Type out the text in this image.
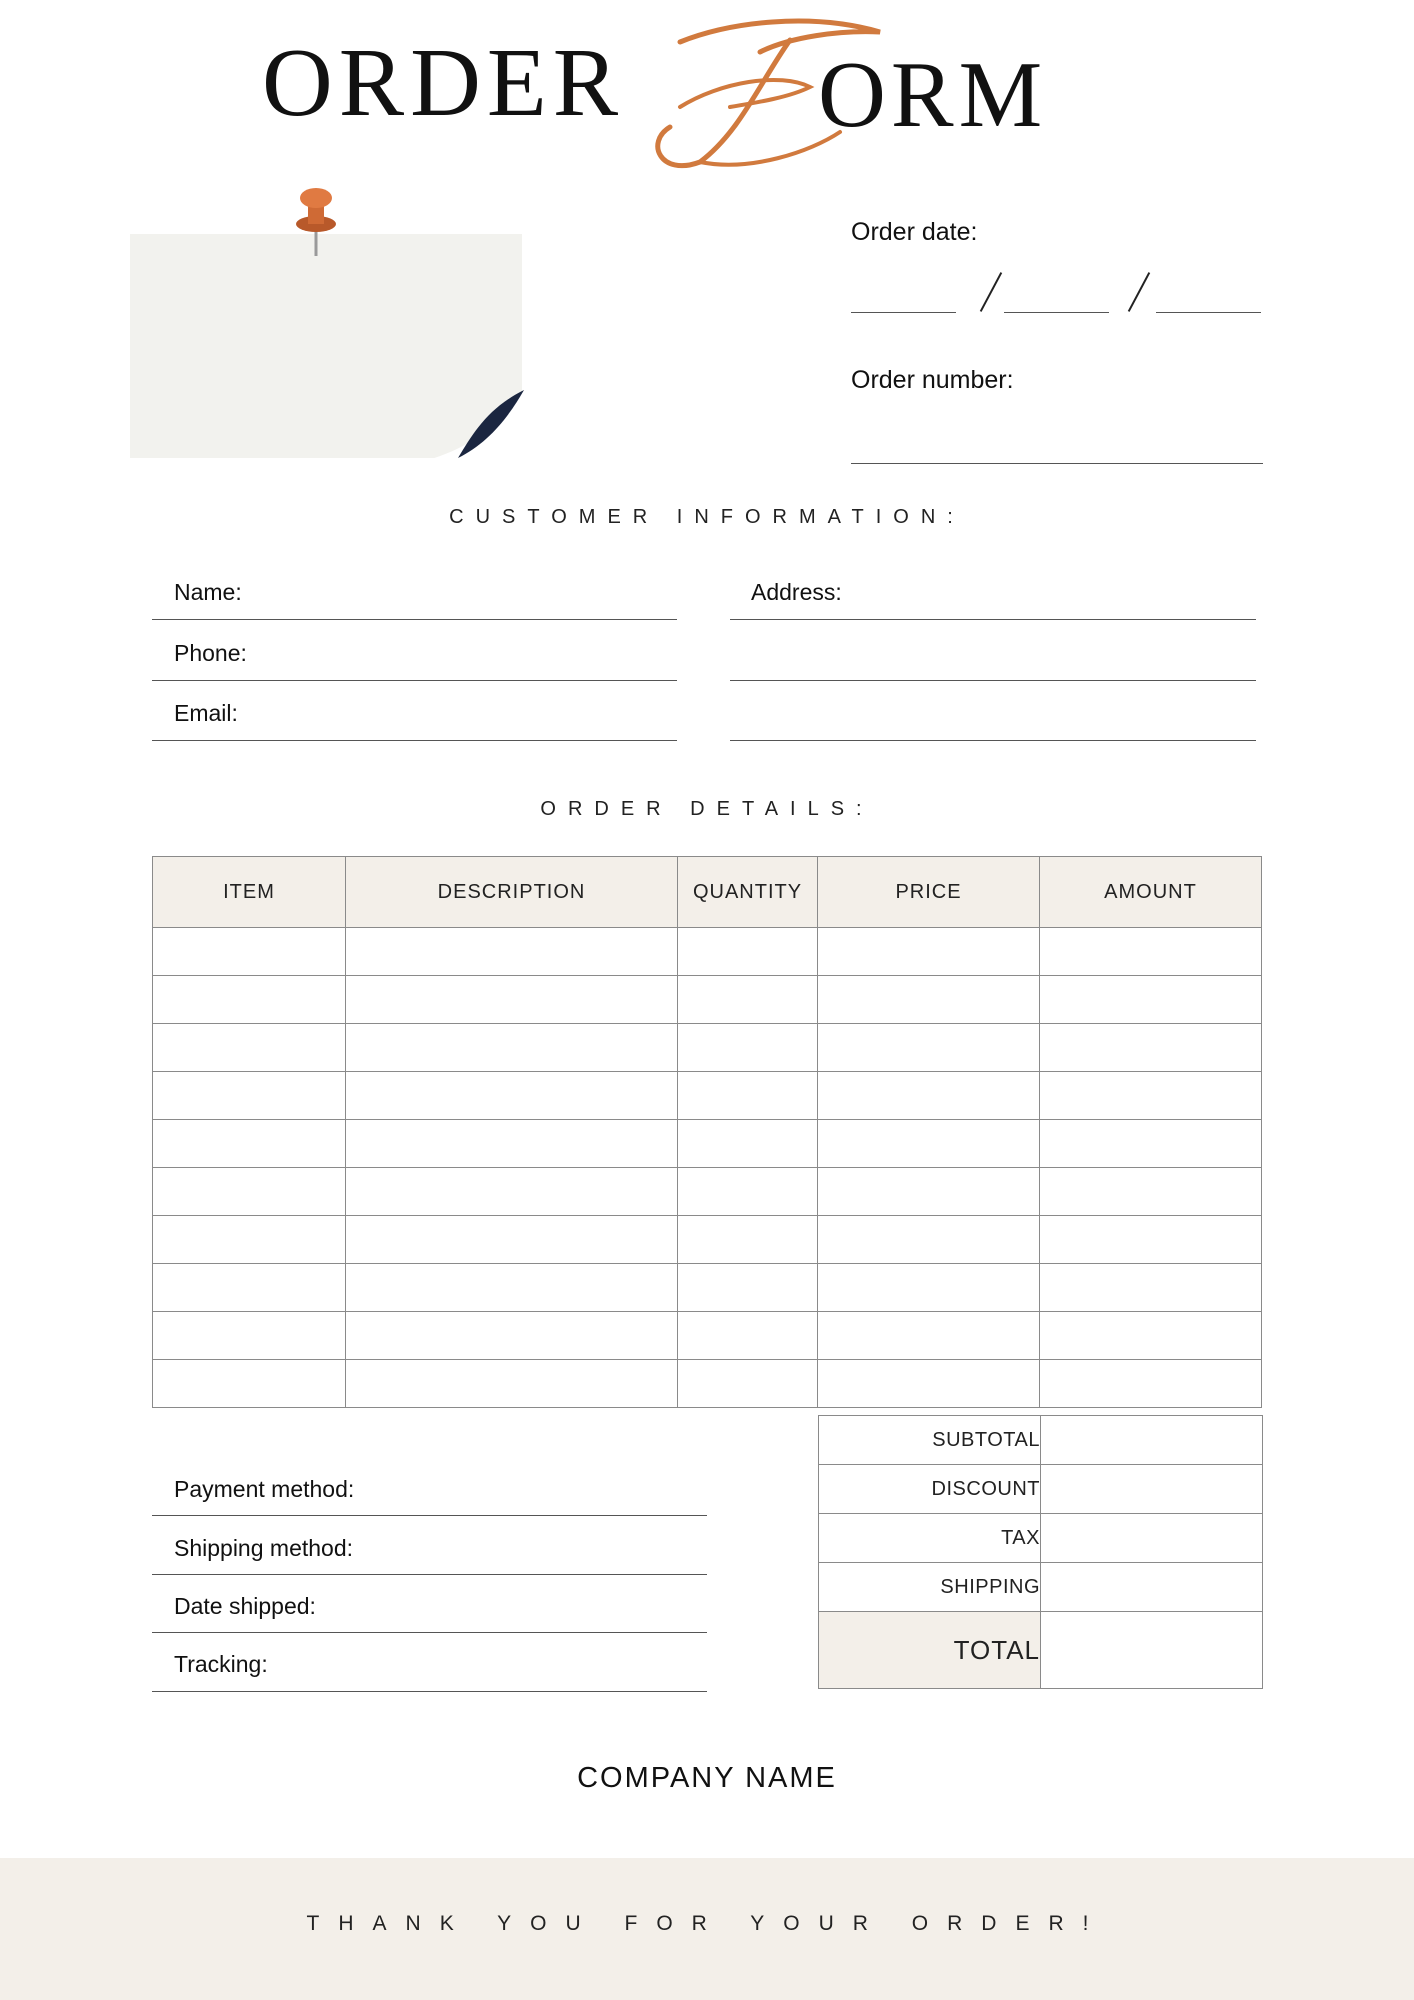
ORDER ORM
Order date:
Order number:
CUSTOMER INFORMATION:
Name:
Phone:
Email:
Address:
ORDER DETAILS:
ITEM	DESCRIPTION	QUANTITY	PRICE	AMOUNT

SUBTOTAL	
DISCOUNT	
TAX	
SHIPPING	
TOTAL	
Payment method:
Shipping method:
Date shipped:
Tracking:
COMPANY NAME
THANK YOU FOR YOUR ORDER!
